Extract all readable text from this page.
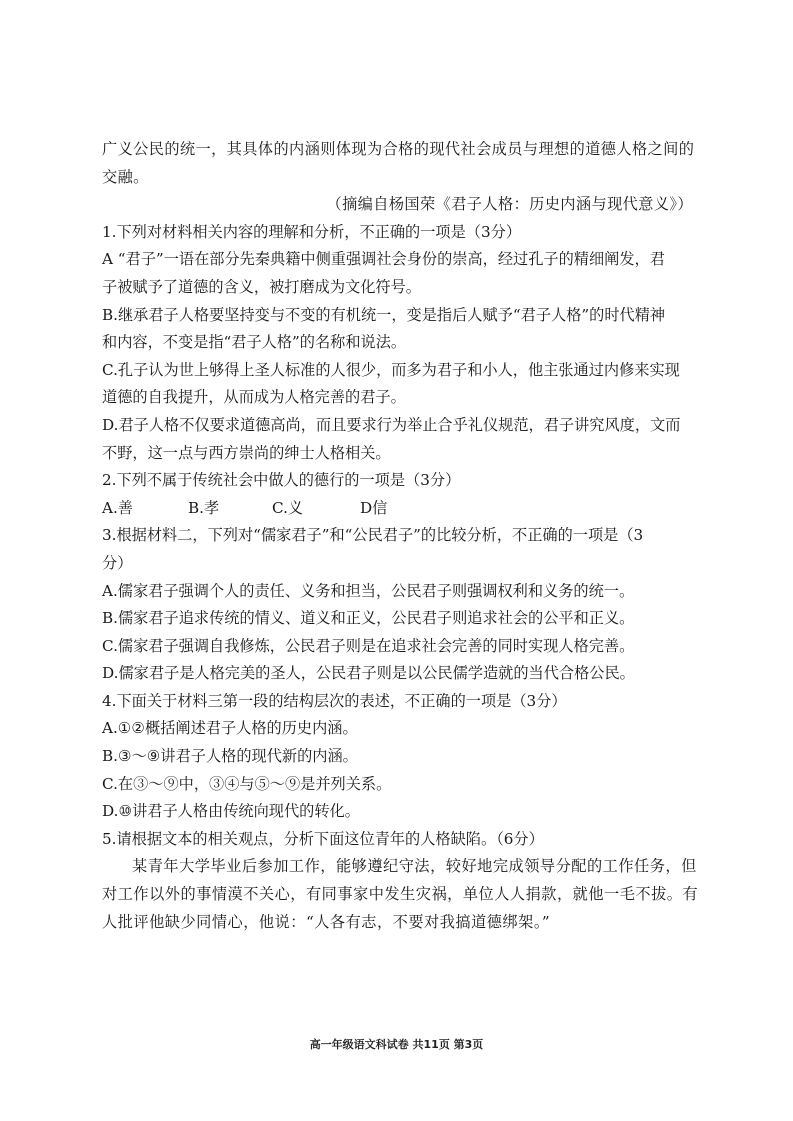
广义公民的统一，其具体的内涵则体现为合格的现代社会成员与理想的道德人格之间的
交融。
（摘编自杨国荣《君子人格：历史内涵与现代意义》）
1.下列对材料相关内容的理解和分析，不正确的一项是（3分）
A “君子”一语在部分先秦典籍中侧重强调社会身份的崇高，经过孔子的精细阐发，君
子被赋予了道德的含义，被打磨成为文化符号。
B.继承君子人格要坚持变与不变的有机统一，变是指后人赋予“君子人格”的时代精神
和内容，不变是指“君子人格”的名称和说法。
C.孔子认为世上够得上圣人标准的人很少，而多为君子和小人，他主张通过内修来实现
道德的自我提升，从而成为人格完善的君子。
D.君子人格不仅要求道德高尚，而且要求行为举止合乎礼仪规范，君子讲究风度，文而
不野，这一点与西方崇尚的绅士人格相关。
2.下列不属于传统社会中做人的德行的一项是（3分）
A.善	B.孝	C.义	D信
3.根据材料二，下列对“儒家君子”和“公民君子”的比较分析，不正确的一项是（3
分）
A.儒家君子强调个人的责任、义务和担当，公民君子则强调权利和义务的统一。
B.儒家君子追求传统的情义、道义和正义，公民君子则追求社会的公平和正义。
C.儒家君子强调自我修炼，公民君子则是在追求社会完善的同时实现人格完善。
D.儒家君子是人格完美的圣人，公民君子则是以公民儒学造就的当代合格公民。
4.下面关于材料三第一段的结构层次的表述，不正确的一项是（3分）
A.①②概括阐述君子人格的历史内涵。
B.③～⑨讲君子人格的现代新的内涵。
C.在③～⑨中，③④与⑤～⑨是并列关系。
D.⑩讲君子人格由传统向现代的转化。
5.请根据文本的相关观点，分析下面这位青年的人格缺陷。（6分）
某青年大学毕业后参加工作，能够遵纪守法，较好地完成领导分配的工作任务，但
对工作以外的事情漠不关心，有同事家中发生灾祸，单位人人捐款，就他一毛不拔。有
人批评他缺少同情心，他说：“人各有志，不要对我搞道德绑架。”
高一年级语文科试卷 共11页 第3页
